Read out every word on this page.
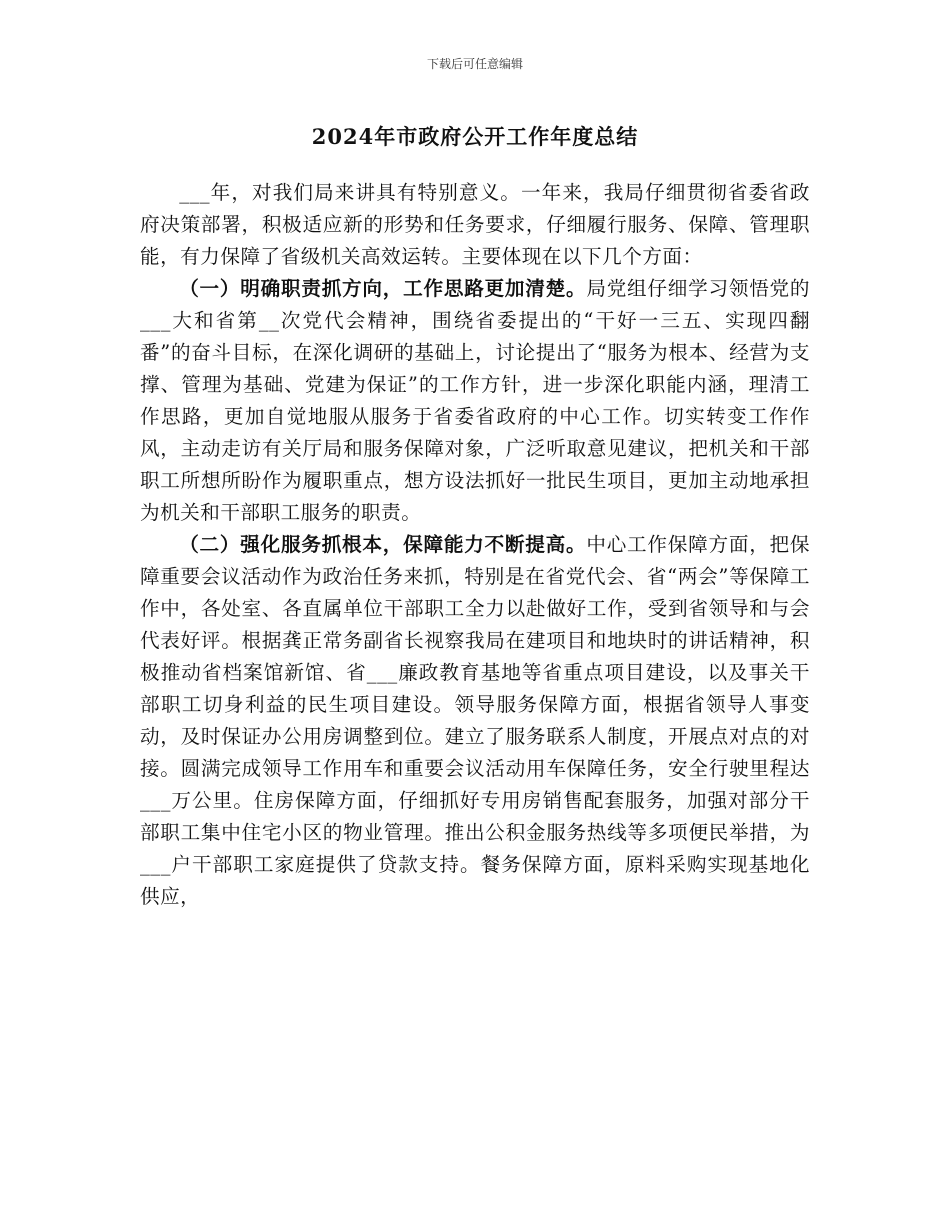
下载后可任意编辑
2024年市政府公开工作年度总结

___年，对我们局来讲具有特别意义。一年来，我局仔细贯彻省委省政府决策部署，积极适应新的形势和任务要求，仔细履行服务、保障、管理职能，有力保障了省级机关高效运转。主要体现在以下几个方面：

（一）明确职责抓方向，工作思路更加清楚。局党组仔细学习领悟党的___大和省第__次党代会精神，围绕省委提出的“干好一三五、实现四翻番”的奋斗目标，在深化调研的基础上，讨论提出了“服务为根本、经营为支撑、管理为基础、党建为保证”的工作方针，进一步深化职能内涵，理清工作思路，更加自觉地服从服务于省委省政府的中心工作。切实转变工作作风，主动走访有关厅局和服务保障对象，广泛听取意见建议，把机关和干部职工所想所盼作为履职重点，想方设法抓好一批民生项目，更加主动地承担为机关和干部职工服务的职责。

（二）强化服务抓根本，保障能力不断提高。中心工作保障方面，把保障重要会议活动作为政治任务来抓，特别是在省党代会、省“两会”等保障工作中，各处室、各直属单位干部职工全力以赴做好工作，受到省领导和与会代表好评。根据龚正常务副省长视察我局在建项目和地块时的讲话精神，积极推动省档案馆新馆、省___廉政教育基地等省重点项目建设，以及事关干部职工切身利益的民生项目建设。领导服务保障方面，根据省领导人事变动，及时保证办公用房调整到位。建立了服务联系人制度，开展点对点的对接。圆满完成领导工作用车和重要会议活动用车保障任务，安全行驶里程达___万公里。住房保障方面，仔细抓好专用房销售配套服务，加强对部分干部职工集中住宅小区的物业管理。推出公积金服务热线等多项便民举措，为___户干部职工家庭提供了贷款支持。餐务保障方面，原料采购实现基地化供应，
